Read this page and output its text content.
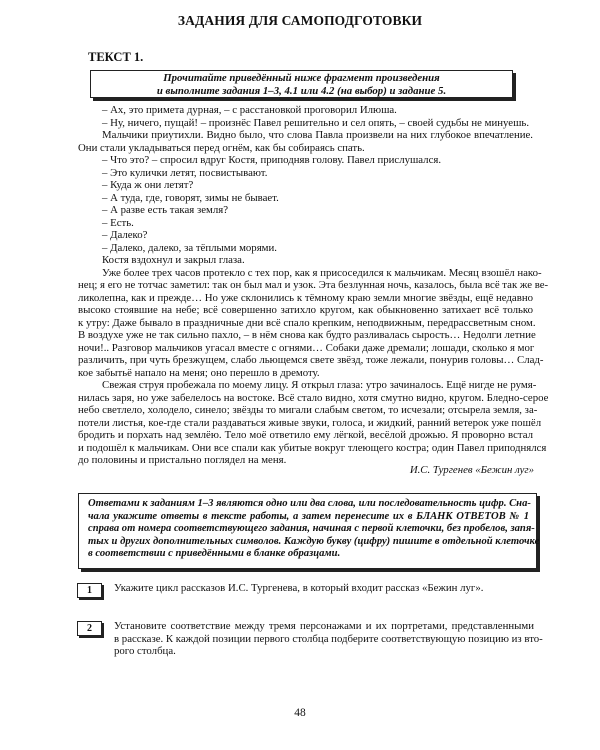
ЗАДАНИЯ ДЛЯ САМОПОДГОТОВКИ
ТЕКСТ 1.
Прочитайте приведённый ниже фрагмент произведения
и выполните задания 1–3, 4.1 или 4.2 (на выбор) и задание 5.
– Ах, это примета дурная, – с расстановкой проговорил Илюша.
– Ну, ничего, пущай! – произнёс Павел решительно и сел опять, – своей судьбы не минуешь.
Мальчики приутихли. Видно было, что слова Павла произвели на них глубокое впечатление.
Они стали укладываться перед огнём, как бы собираясь спать.
– Что это? – спросил вдруг Костя, приподняв голову. Павел прислушался.
– Это кулички летят, посвистывают.
– Куда ж они летят?
– А туда, где, говорят, зимы не бывает.
– А разве есть такая земля?
– Есть.
– Далеко?
– Далеко, далеко, за тёплыми морями.
Костя вздохнул и закрыл глаза.
Уже более трех часов протекло с тех пор, как я присоседился к мальчикам. Месяц взошёл нако-
нец; я его не тотчас заметил: так он был мал и узок. Эта безлунная ночь, казалось, была всё так же ве-
ликолепна, как и прежде… Но уже склонились к тёмному краю земли многие звёзды, ещё недавно
высоко стоявшие на небе; всё совершенно затихло кругом, как обыкновенно затихает всё только
к утру: Даже бывало в праздничные дни всё спало крепким, неподвижным, передрассветным сном.
В воздухе уже не так сильно пахло, – в нём снова как будто разливалась сырость… Недолги летние
ночи!.. Разговор мальчиков угасал вместе с огнями… Собаки даже дремали; лошади, сколько я мог
различить, при чуть брезжущем, слабо льющемся свете звёзд, тоже лежали, понурив головы… Слад-
кое забытьё напало на меня; оно перешло в дремоту.
Свежая струя пробежала по моему лицу. Я открыл глаза: утро зачиналось. Ещё нигде не румя-
нилась заря, но уже забелелось на востоке. Всё стало видно, хотя смутно видно, кругом. Бледно-серое
небо светлело, холодело, синело; звёзды то мигали слабым светом, то исчезали; отсырела земля, за-
потели листья, кое-где стали раздаваться живые звуки, голоса, и жидкий, ранний ветерок уже пошёл
бродить и порхать над землёю. Тело моё ответило ему лёгкой, весёлой дрожью. Я проворно встал
и подошёл к мальчикам. Они все спали как убитые вокруг тлеющего костра; один Павел приподнялся
до половины и пристально поглядел на меня.
И.С. Тургенев «Бежин луг»
Ответами к заданиям 1–3 являются одно или два слова, или последовательность цифр. Сна-
чала укажите ответы в тексте работы, а затем перенесите их в БЛАНК ОТВЕТОВ № 1
справа от номера соответствующего задания, начиная с первой клеточки, без пробелов, запя-
тых и других дополнительных символов. Каждую букву (цифру) пишите в отдельной клеточке
в соответствии с приведёнными в бланке образцами.
1	Укажите цикл рассказов И.С. Тургенева, в который входит рассказ «Бежин луг».
2	Установите соответствие между тремя персонажами и их портретами, представленными
в рассказе. К каждой позиции первого столбца подберите соответствующую позицию из вто-
рого столбца.
48
